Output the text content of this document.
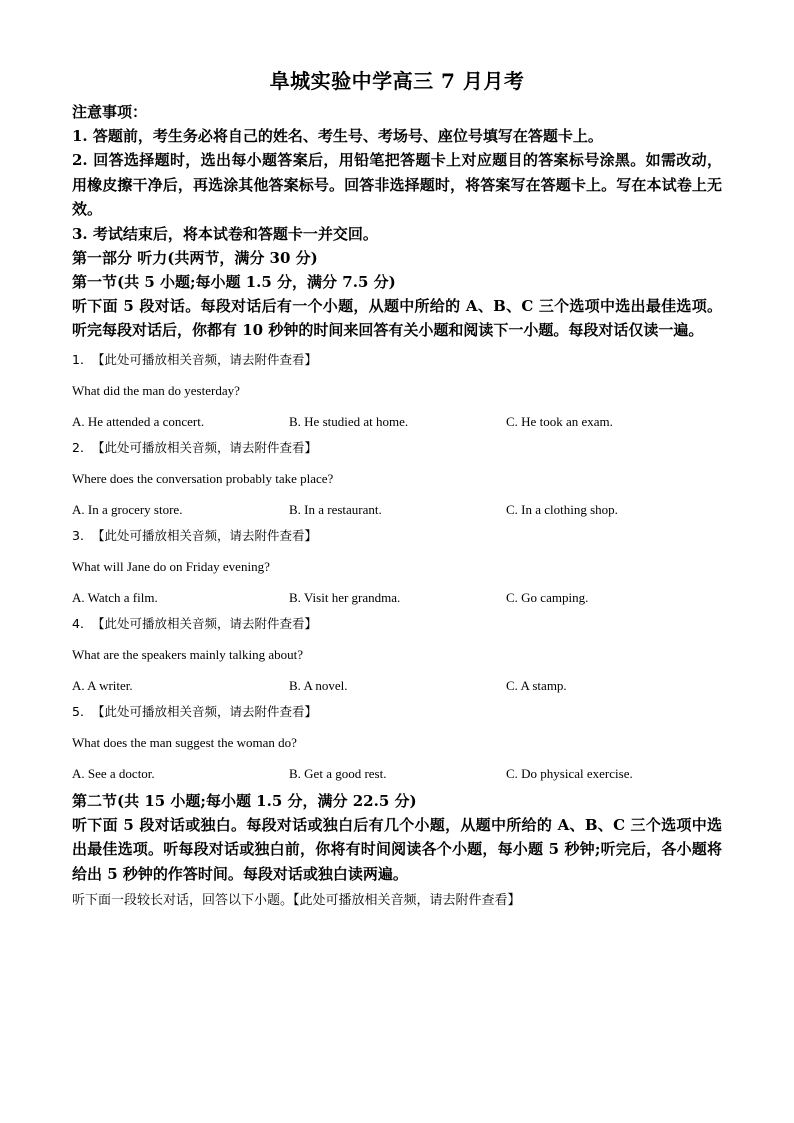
阜城实验中学高三 7 月月考
注意事项：
1. 答题前，考生务必将自己的姓名、考生号、考场号、座位号填写在答题卡上。
2. 回答选择题时，选出每小题答案后，用铅笔把答题卡上对应题目的答案标号涂黑。如需改动，用橡皮擦干净后，再选涂其他答案标号。回答非选择题时，将答案写在答题卡上。写在本试卷上无效。
3. 考试结束后，将本试卷和答题卡一并交回。
第一部分 听力(共两节，满分 30 分)
第一节(共 5 小题;每小题 1.5 分，满分 7.5 分)
听下面 5 段对话。每段对话后有一个小题，从题中所给的 A、B、C 三个选项中选出最佳选项。听完每段对话后，你都有 10 秒钟的时间来回答有关小题和阅读下一小题。每段对话仅读一遍。
1. 【此处可播放相关音频，请去附件查看】
What did the man do yesterday?
A. He attended a concert.	B. He studied at home.	C. He took an exam.
2. 【此处可播放相关音频，请去附件查看】
Where does the conversation probably take place?
A. In a grocery store.	B. In a restaurant.	C. In a clothing shop.
3. 【此处可播放相关音频，请去附件查看】
What will Jane do on Friday evening?
A. Watch a film.	B. Visit her grandma.	C. Go camping.
4. 【此处可播放相关音频，请去附件查看】
What are the speakers mainly talking about?
A. A writer.	B. A novel.	C. A stamp.
5. 【此处可播放相关音频，请去附件查看】
What does the man suggest the woman do?
A. See a doctor.	B. Get a good rest.	C. Do physical exercise.
第二节(共 15 小题;每小题 1.5 分，满分 22.5 分)
听下面 5 段对话或独白。每段对话或独白后有几个小题，从题中所给的 A、B、C 三个选项中选出最佳选项。听每段对话或独白前，你将有时间阅读各个小题，每小题 5 秒钟;听完后，各小题将给出 5 秒钟的作答时间。每段对话或独白读两遍。
听下面一段较长对话，回答以下小题。【此处可播放相关音频，请去附件查看】
